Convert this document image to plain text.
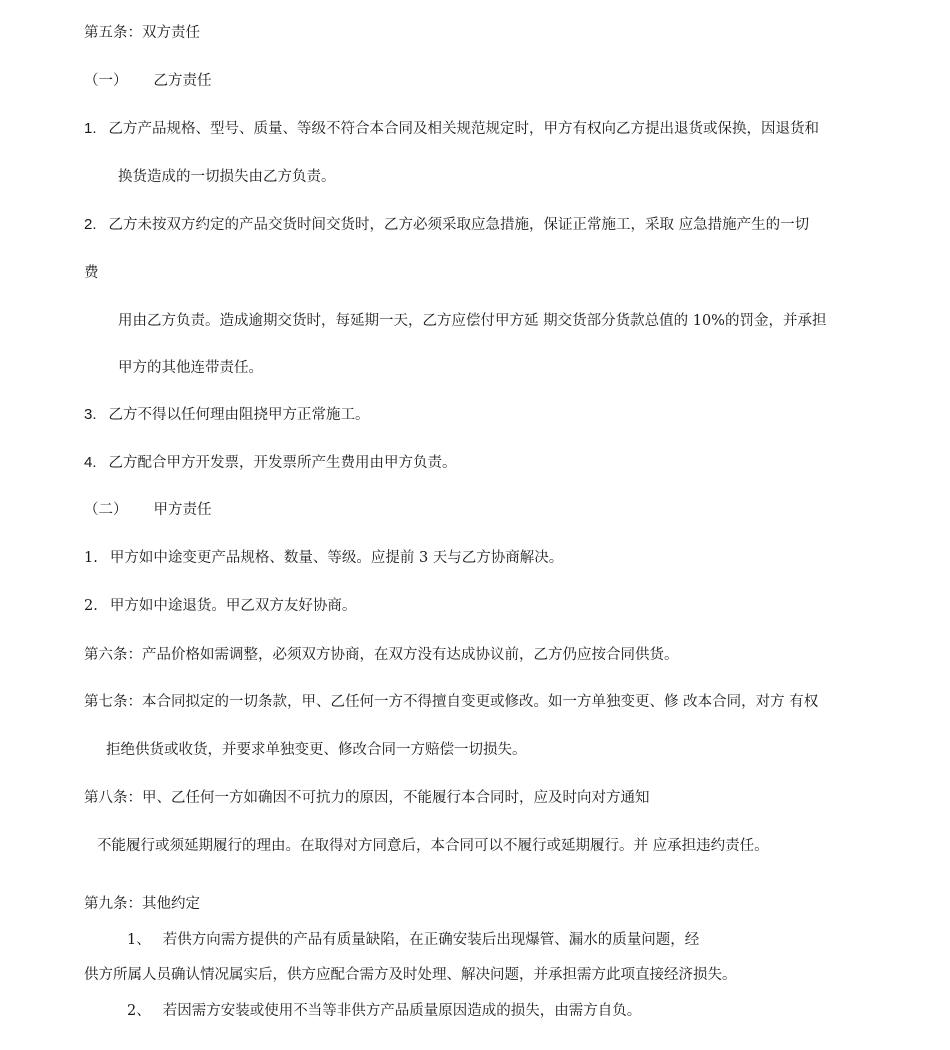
第五条：双方责任
（一） 乙方责任
1. 乙方产品规格、型号、质量、等级不符合本合同及相关规范规定时，甲方有权向乙方提出退货或保换，因退货和
换货造成的一切损失由乙方负责。
2. 乙方未按双方约定的产品交货时间交货时，乙方必须采取应急措施，保证正常施工，采取 应急措施产生的一切
费
用由乙方负责。造成逾期交货时，每延期一天，乙方应偿付甲方延 期交货部分货款总值的 10%的罚金，并承担
甲方的其他连带责任。
3. 乙方不得以任何理由阻挠甲方正常施工。
4. 乙方配合甲方开发票，开发票所产生费用由甲方负责。
（二） 甲方责任
1. 甲方如中途变更产品规格、数量、等级。应提前 3 天与乙方协商解决。
2. 甲方如中途退货。甲乙双方友好协商。
第六条：产品价格如需调整，必须双方协商，在双方没有达成协议前，乙方仍应按合同供货。
第七条：本合同拟定的一切条款，甲、乙任何一方不得擅自变更或修改。如一方单独变更、修 改本合同，对方 有权
拒绝供货或收货，并要求单独变更、修改合同一方赔偿一切损失。
第八条：甲、乙任何一方如确因不可抗力的原因，不能履行本合同时，应及时向对方通知
不能履行或须延期履行的理由。在取得对方同意后，本合同可以不履行或延期履行。并 应承担违约责任。
第九条：其他约定
1、 若供方向需方提供的产品有质量缺陷，在正确安装后出现爆管、漏水的质量问题，经
供方所属人员确认情况属实后，供方应配合需方及时处理、解决问题，并承担需方此项直接经济损失。
2、 若因需方安装或使用不当等非供方产品质量原因造成的损失，由需方自负。
